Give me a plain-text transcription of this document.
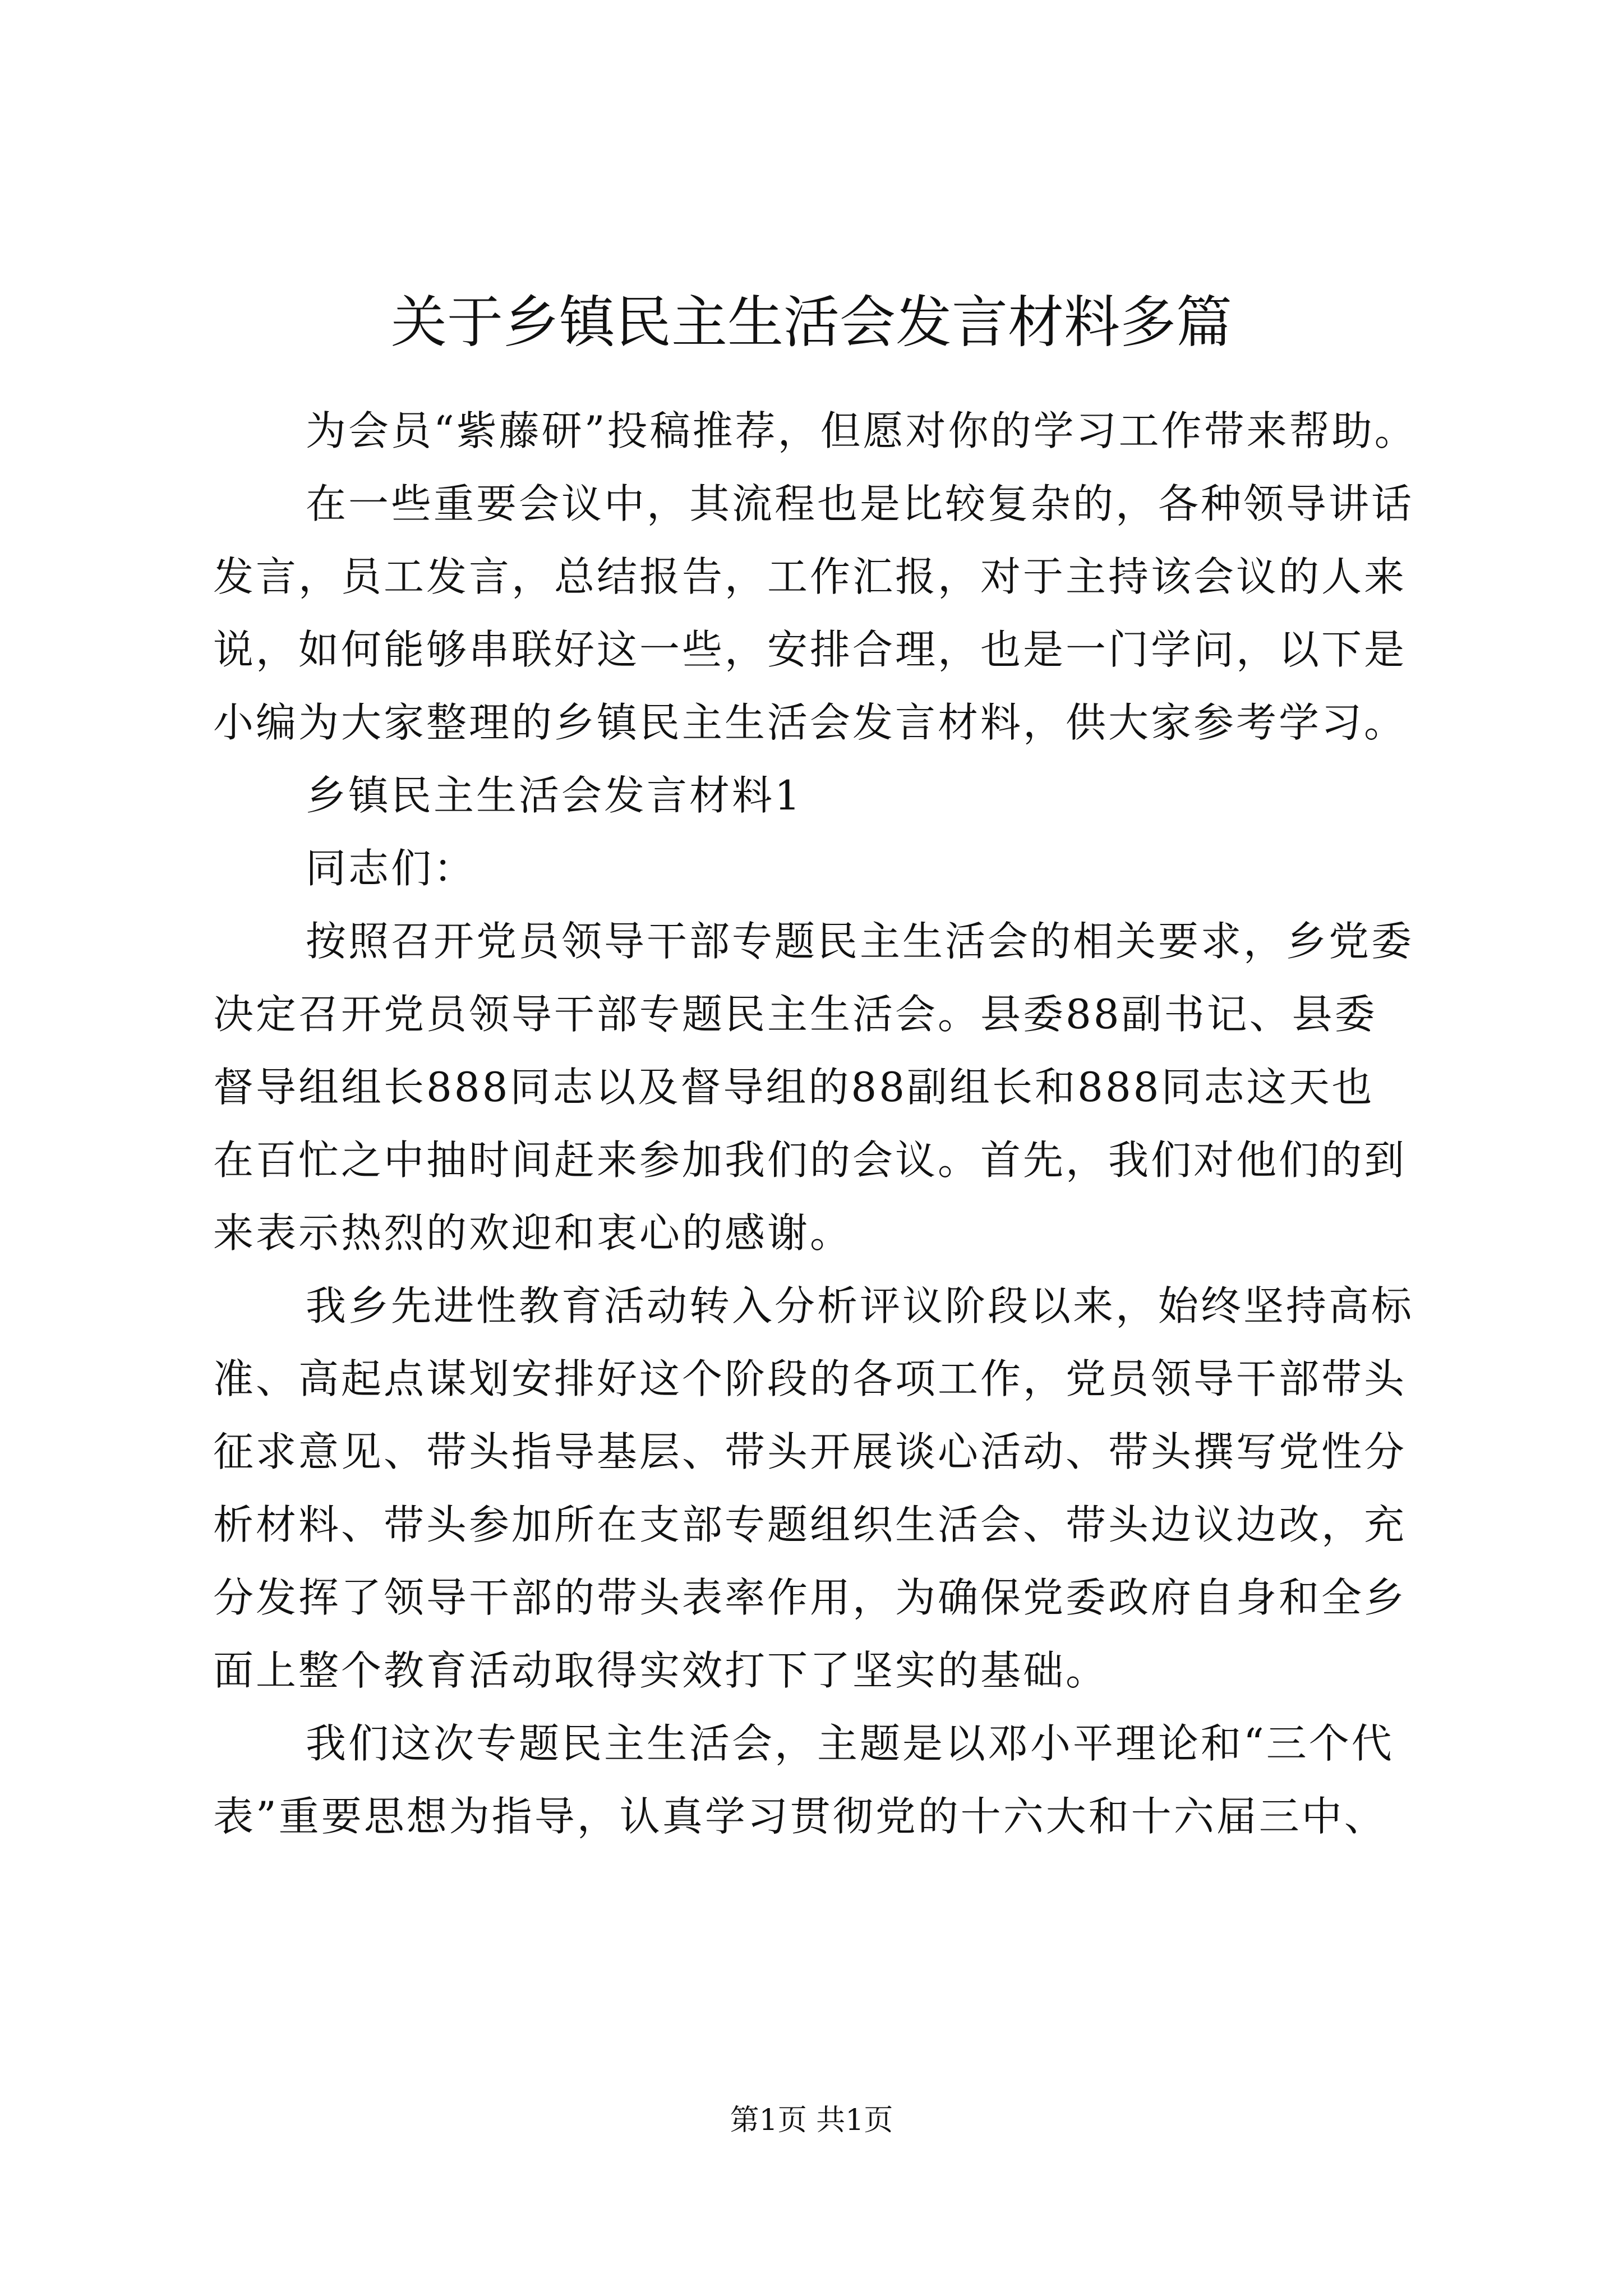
关于乡镇民主生活会发言材料多篇
为会员“紫藤研”投稿推荐，但愿对你的学习工作带来帮助。
在一些重要会议中，其流程也是比较复杂的，各种领导讲话
发言，员工发言，总结报告，工作汇报，对于主持该会议的人来
说，如何能够串联好这一些，安排合理，也是一门学问，以下是
小编为大家整理的乡镇民主生活会发言材料，供大家参考学习。
乡镇民主生活会发言材料1
同志们：
按照召开党员领导干部专题民主生活会的相关要求，乡党委
决定召开党员领导干部专题民主生活会。县委88副书记、县委
督导组组长888同志以及督导组的88副组长和888同志这天也
在百忙之中抽时间赶来参加我们的会议。首先，我们对他们的到
来表示热烈的欢迎和衷心的感谢。
我乡先进性教育活动转入分析评议阶段以来，始终坚持高标
准、高起点谋划安排好这个阶段的各项工作，党员领导干部带头
征求意见、带头指导基层、带头开展谈心活动、带头撰写党性分
析材料、带头参加所在支部专题组织生活会、带头边议边改，充
分发挥了领导干部的带头表率作用，为确保党委政府自身和全乡
面上整个教育活动取得实效打下了坚实的基础。
我们这次专题民主生活会，主题是以邓小平理论和“三个代
表”重要思想为指导，认真学习贯彻党的十六大和十六届三中、
第1页 共1页
